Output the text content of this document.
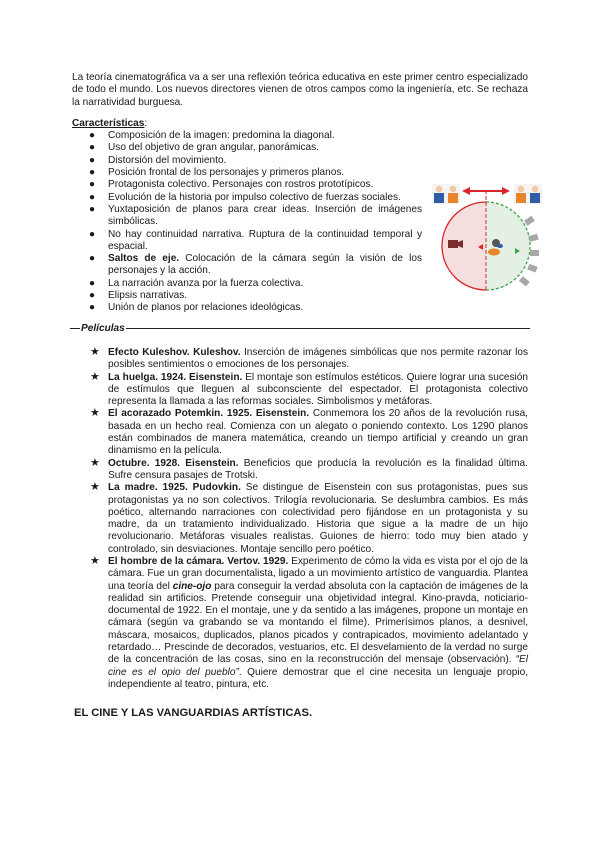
La teoría cinematográfica va a ser una reflexión teórica educativa en este primer centro especializado de todo el mundo. Los nuevos directores vienen de otros campos como la ingeniería, etc. Se rechaza la narratividad burguesa.

Características:
● Composición de la imagen: predomina la diagonal.
● Uso del objetivo de gran angular, panorámicas.
● Distorsión del movimiento.
● Posición frontal de los personajes y primeros planos.
● Protagonista colectivo. Personajes con rostros prototípicos.
● Evolución de la historia por impulso colectivo de fuerzas sociales.
● Yuxtaposición de planos para crear ideas. Inserción de imágenes simbólicas.
● No hay continuidad narrativa. Ruptura de la continuidad temporal y espacial.
● Saltos de eje. Colocación de la cámara según la visión de los personajes y la acción.
● La narración avanza por la fuerza colectiva.
● Elipsis narrativas.
● Unión de planos por relaciones ideológicas.
Películas
★ Efecto Kuleshov. Kuleshov. Inserción de imágenes simbólicas que nos permite razonar los posibles sentimientos o emociones de los personajes.
★ La huelga. 1924. Eisenstein. El montaje son estímulos estéticos. Quiere lograr una sucesión de estímulos que lleguen al subconsciente del espectador. El protagonista colectivo representa la llamada a las reformas sociales. Simbolismos y metáforas.
★ El acorazado Potemkin. 1925. Eisenstein. Conmemora los 20 años de la revolución rusa, basada en un hecho real. Comienza con un alegato o poniendo contexto. Los 1290 planos están combinados de manera matemática, creando un tiempo artificial y creando un gran dinamismo en la película.
★ Octubre. 1928. Eisenstein. Beneficios que producía la revolución es la finalidad última. Sufre censura pasajes de Trotski.
★ La madre. 1925. Pudovkin. Se distingue de Eisenstein con sus protagonistas, pues sus protagonistas ya no son colectivos. Trilogía revolucionaria. Se deslumbra cambios. Es más poético, alternando narraciones con colectividad pero fijándose en un protagonista y su madre, da un tratamiento individualizado. Historia que sigue a la madre de un hijo revolucionario. Metáforas visuales realistas. Guiones de hierro: todo muy bien atado y controlado, sin desviaciones. Montaje sencillo pero poético.
★ El hombre de la cámara. Vertov. 1929. Experimento de cómo la vida es vista por el ojo de la cámara. Fue un gran documentalista, ligado a un movimiento artístico de vanguardia. Plantea una teoría del cine-ojo para conseguir la verdad absoluta con la captación de imágenes de la realidad sin artificios. Pretende conseguir una objetividad integral. Kino-pravda, noticiario-documental de 1922. En el montaje, une y da sentido a las imágenes, propone un montaje en cámara (según va grabando se va montando el filme). Primerísimos planos, a desnivel, máscara, mosaicos, duplicados, planos picados y contrapicados, movimiento adelantado y retardado… Prescinde de decorados, vestuarios, etc. El desvelamiento de la verdad no surge de la concentración de las cosas, sino en la reconstrucción del mensaje (observación). “El cine es el opio del pueblo”. Quiere demostrar que el cine necesita un lenguaje propio, independiente al teatro, pintura, etc.
EL CINE Y LAS VANGUARDIAS ARTÍSTICAS.
